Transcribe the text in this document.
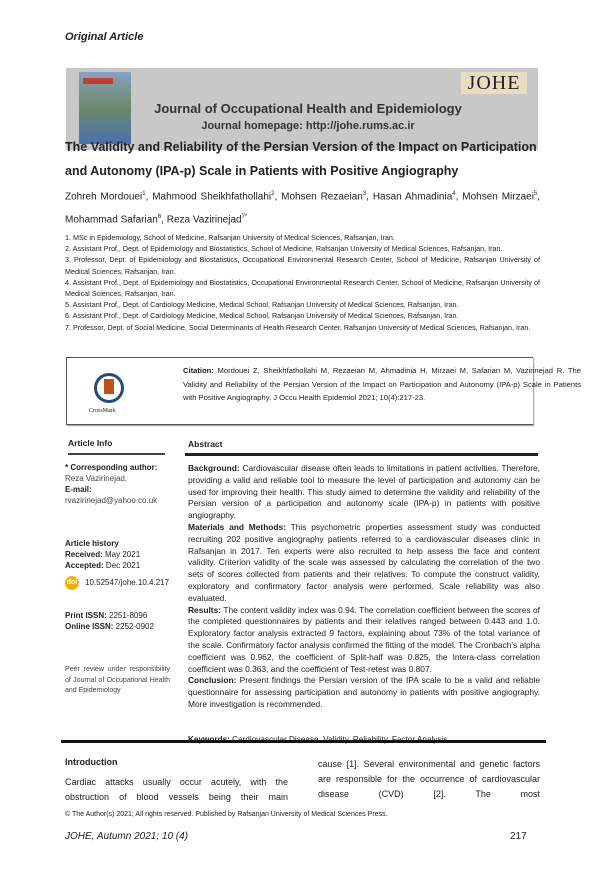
Original Article
Journal of Occupational Health and Epidemiology
Journal homepage: http://johe.rums.ac.ir
JOHE
The Validity and Reliability of the Persian Version of the Impact on Participation and Autonomy (IPA-p) Scale in Patients with Positive Angiography
Zohreh Mordouei$^1$, Mahmood Sheikhfathollahi$^2$, Mohsen Rezaeian$^3$, Hasan Ahmadinia$^4$, Mohsen Mirzaei$^5$, Mohammad Safarian$^6$, Reza Vazirinejad$^{7*}$
1. MSc in Epidemiology, School of Medicine, Rafsanjan University of Medical Sciences, Rafsanjan, Iran.
2. Assistant Prof., Dept. of Epidemiology and Biostatistics, School of Medicine, Rafsanjan University of Medical Sciences, Rafsanjan, Iran.
3. Professor, Dept. of Epidemiology and Biostatistics, Occupational Environmental Research Center, School of Medicine, Rafsanjan University of Medical Sciences, Rafsanjan, Iran.
4. Assistant Prof., Dept. of Epidemiology and Biostatistics, Occupational Environmental Research Center, School of Medicine, Rafsanjan University of Medical Sciences, Rafsanjan, Iran.
5. Assistant Prof., Dept. of Cardiology Medicine, Medical School, Rafsanjan University of Medical Sciences, Rafsanjan, Iran.
6. Assistant Prof., Dept. of Cardiology Medicine, Medical School, Rafsanjan University of Medical Sciences, Rafsanjan, Iran.
7. Professor, Dept. of Social Medicine, Social Determinants of Health Research Center, Rafsanjan University of Medical Sciences, Rafsanjan, Iran.
CrossMark
Citation: Mordouei Z, Sheikhfathollahi M, Rezaeian M, Ahmadinia H, Mirzaei M, Safarian M, Vazirinejad R. The Validity and Reliability of the Persian Version of the Impact on Participation and Autonomy (IPA-p) Scale in Patients with Positive Angiography. J Occu Health Epidemiol 2021; 10(4):217-23.
Article Info	Abstract
* Corresponding author:
Reza Vazirinejad,
E-mail:
rvazirinejad@yahoo.co.uk
Article history
Received: May 2021
Accepted: Dec 2021
doi 10.52547/johe.10.4.217
Print ISSN: 2251-8096
Online ISSN: 2252-0902
Peer review under responsibility of Journal of Occupational Health and Epidemiology

Background: Cardiovascular disease often leads to limitations in patient activities. Therefore, providing a valid and reliable tool to measure the level of participation and autonomy can be used for improving their health. This study aimed to determine the validity and reliability of the Persian version of a participation and autonomy scale (IPA-p) in patients with positive angiography.

Materials and Methods: This psychometric properties assessment study was conducted recruiting 202 positive angiography patients referred to a cardiovascular diseases clinic in Rafsanjan in 2017. Ten experts were also recruited to help assess the face and content validity. Criterion validity of the scale was assessed by calculating the correlation of the two sets of scores collected from patients and their relatives. To compute the construct validity, exploratory and confirmatory factor analysis were performed. Scale reliability was also evaluated.

Results: The content validity index was 0.94. The correlation coefficient between the scores of the completed questionnaires by patients and their relatives ranged between 0.443 and 1.0. Exploratory factor analysis extracted 9 factors, explaining about 73% of the total variance of the scale. Confirmatory factor analysis confirmed the fitting of the model. The Cronbach's alpha coefficient was 0.962, the coefficient of Split-half was 0.825, the Intera-class correlation coefficient was 0.363, and the coefficient of Test-retest was 0.807.

Conclusion: Present findings the Persian version of the IPA scale to be a valid and reliable questionnaire for assessing participation and autonomy in patients with positive angiography. More investigation is recommended.

Introduction
Cardiac attacks usually occur acutely, with the obstruction of blood vessels being their main
cause [1]. Several environmental and genetic factors are responsible for the occurrence of cardiovascular disease (CVD) [2]. The most
© The Author(s) 2021; All rights reserved. Published by Rafsanjan University of Medical Sciences Press.
JOHE, Autumn 2021; 10 (4)	217
